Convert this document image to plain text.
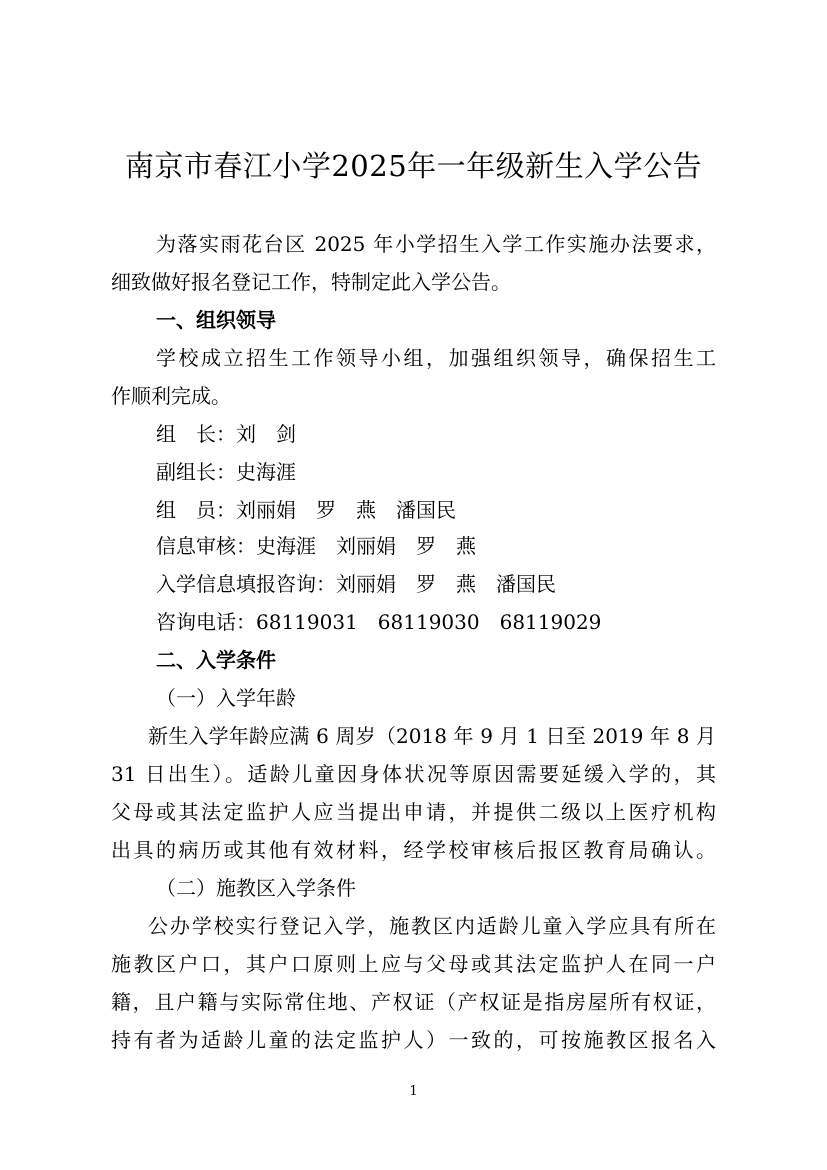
南京市春江小学2025年一年级新生入学公告
为落实雨花台区 2025 年小学招生入学工作实施办法要求，
细致做好报名登记工作，特制定此入学公告。
一、组织领导
学校成立招生工作领导小组，加强组织领导，确保招生工
作顺利完成。
组　长：刘　剑
副组长：史海涯
组　员：刘丽娟　罗　燕　潘国民
信息审核：史海涯　刘丽娟　罗　燕
入学信息填报咨询：刘丽娟　罗　燕　潘国民
咨询电话：68119031　68119030　68119029
二、入学条件
（一）入学年龄
新生入学年龄应满 6 周岁（2018 年 9 月 1 日至 2019 年 8 月
31 日出生）。适龄儿童因身体状况等原因需要延缓入学的，其
父母或其法定监护人应当提出申请，并提供二级以上医疗机构
出具的病历或其他有效材料，经学校审核后报区教育局确认。
（二）施教区入学条件
公办学校实行登记入学，施教区内适龄儿童入学应具有所在
施教区户口，其户口原则上应与父母或其法定监护人在同一户
籍，且户籍与实际常住地、产权证（产权证是指房屋所有权证，
持有者为适龄儿童的法定监护人）一致的，可按施教区报名入
1
